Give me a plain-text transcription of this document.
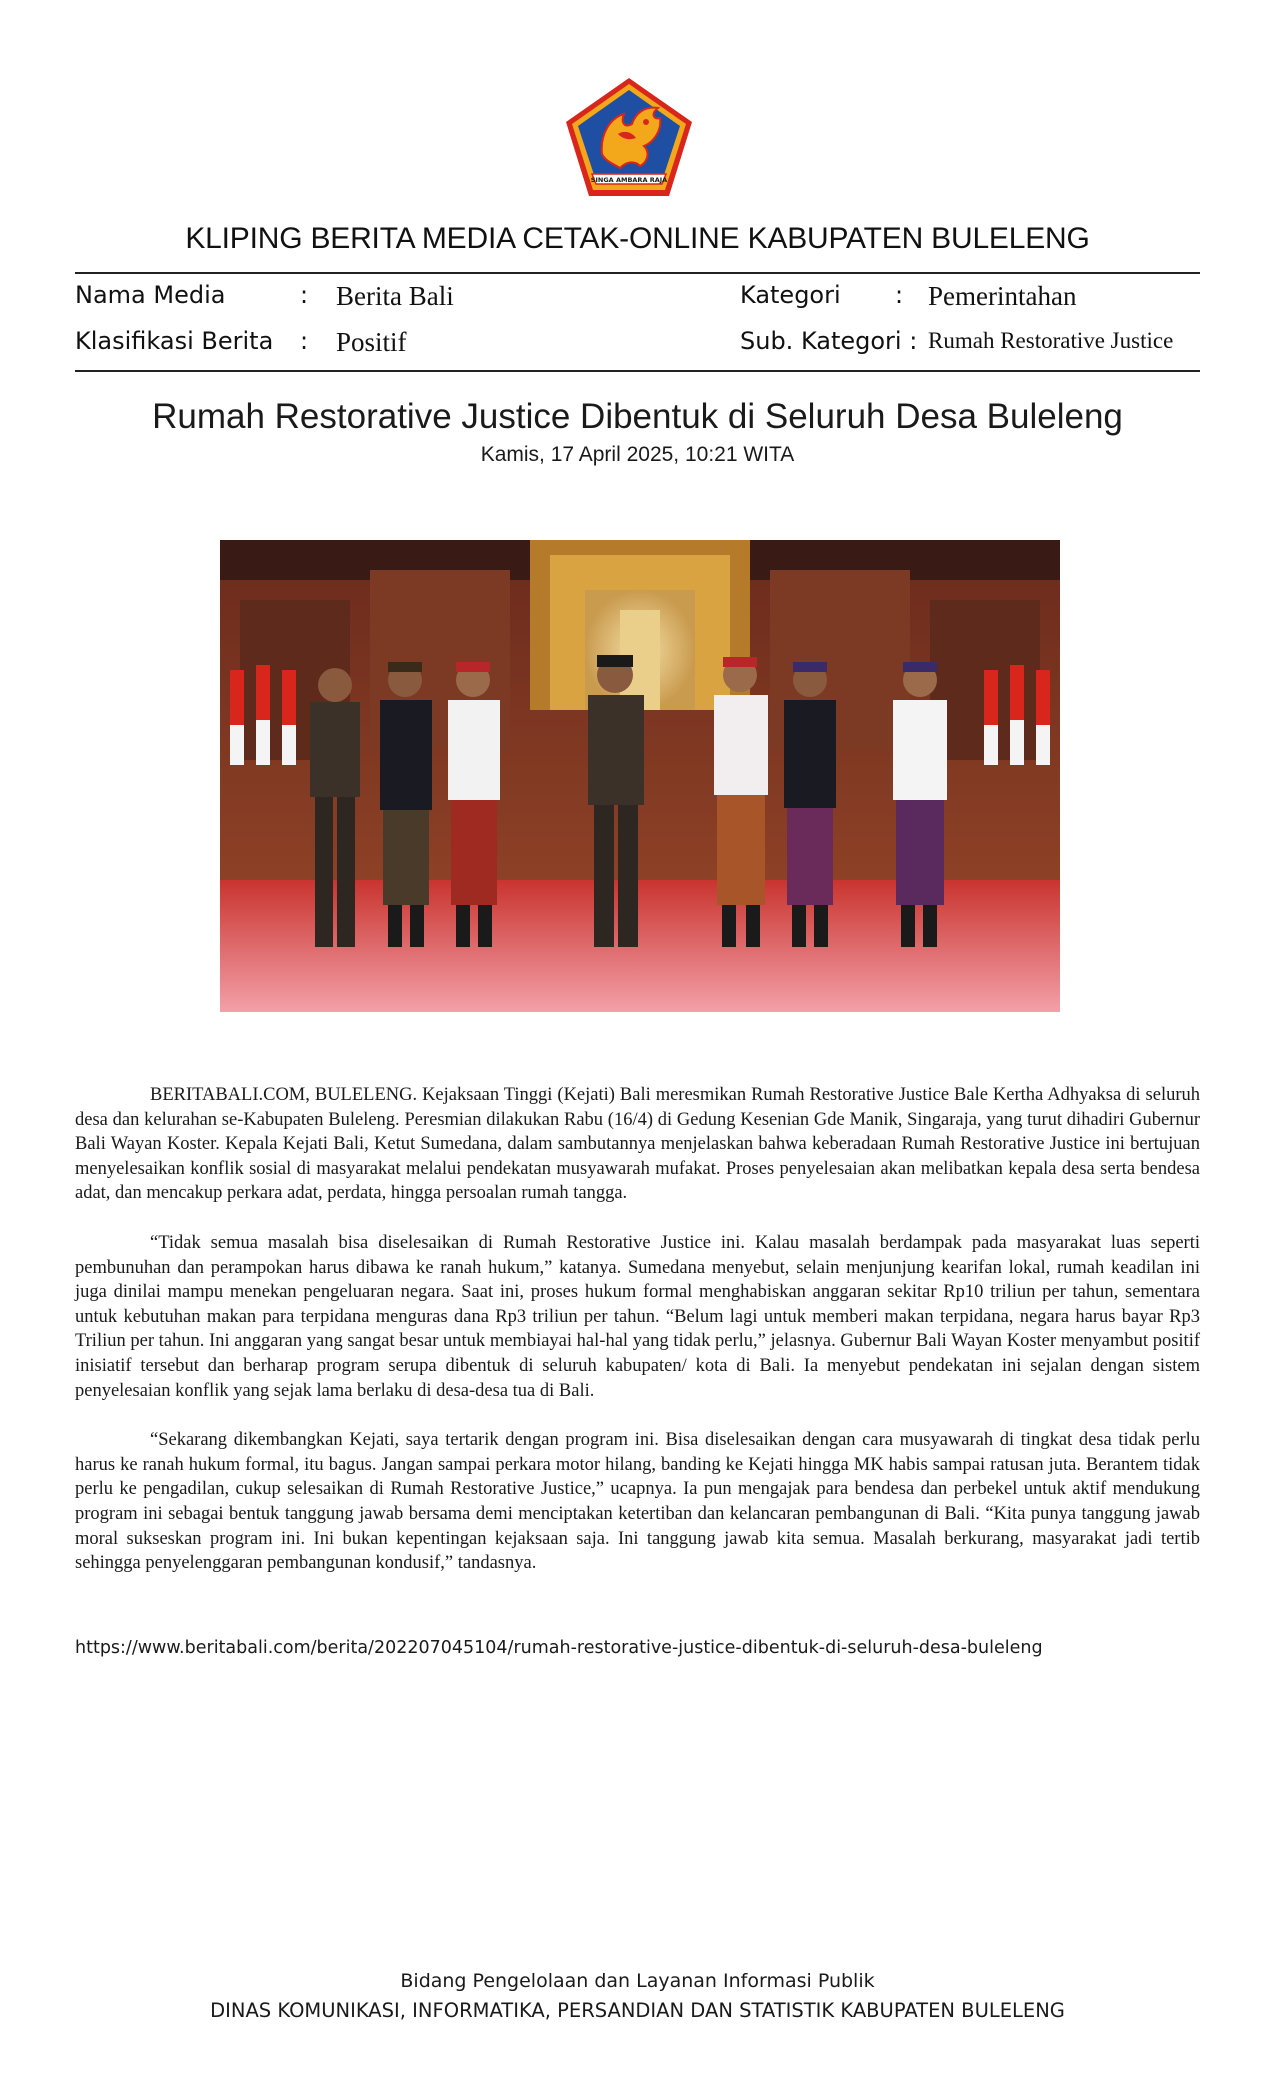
SINGA AMBARA RAJA
KLIPING BERITA MEDIA CETAK-ONLINE KABUPATEN BULELENG
Nama Media	: Berita Bali	Kategori : Pemerintahan
Klasifikasi Berita : Positif	Sub. Kategori : Rumah Restorative Justice
Rumah Restorative Justice Dibentuk di Seluruh Desa Buleleng
Kamis, 17 April 2025, 10:21 WITA

BERITABALI.COM, BULELENG. Kejaksaan Tinggi (Kejati) Bali meresmikan Rumah Restorative Justice Bale Kertha Adhyaksa di seluruh desa dan kelurahan se-Kabupaten Buleleng. Peresmian dilakukan Rabu (16/4) di Gedung Kesenian Gde Manik, Singaraja, yang turut dihadiri Gubernur Bali Wayan Koster. Kepala Kejati Bali, Ketut Sumedana, dalam sambutannya menjelaskan bahwa keberadaan Rumah Restorative Justice ini bertujuan menyelesaikan konflik sosial di masyarakat melalui pendekatan musyawarah mufakat. Proses penyelesaian akan melibatkan kepala desa serta bendesa adat, dan mencakup perkara adat, perdata, hingga persoalan rumah tangga.

“Tidak semua masalah bisa diselesaikan di Rumah Restorative Justice ini. Kalau masalah berdampak pada masyarakat luas seperti pembunuhan dan perampokan harus dibawa ke ranah hukum,” katanya. Sumedana menyebut, selain menjunjung kearifan lokal, rumah keadilan ini juga dinilai mampu menekan pengeluaran negara. Saat ini, proses hukum formal menghabiskan anggaran sekitar Rp10 triliun per tahun, sementara untuk kebutuhan makan para terpidana menguras dana Rp3 triliun per tahun. “Belum lagi untuk memberi makan terpidana, negara harus bayar Rp3 Triliun per tahun. Ini anggaran yang sangat besar untuk membiayai hal-hal yang tidak perlu,” jelasnya. Gubernur Bali Wayan Koster menyambut positif inisiatif tersebut dan berharap program serupa dibentuk di seluruh kabupaten/ kota di Bali. Ia menyebut pendekatan ini sejalan dengan sistem penyelesaian konflik yang sejak lama berlaku di desa-desa tua di Bali.

“Sekarang dikembangkan Kejati, saya tertarik dengan program ini. Bisa diselesaikan dengan cara musyawarah di tingkat desa tidak perlu harus ke ranah hukum formal, itu bagus. Jangan sampai perkara motor hilang, banding ke Kejati hingga MK habis sampai ratusan juta. Berantem tidak perlu ke pengadilan, cukup selesaikan di Rumah Restorative Justice,” ucapnya. Ia pun mengajak para bendesa dan perbekel untuk aktif mendukung program ini sebagai bentuk tanggung jawab bersama demi menciptakan ketertiban dan kelancaran pembangunan di Bali. “Kita punya tanggung jawab moral sukseskan program ini. Ini bukan kepentingan kejaksaan saja. Ini tanggung jawab kita semua. Masalah berkurang, masyarakat jadi tertib sehingga penyelenggaran pembangunan kondusif,” tandasnya.

https://www.beritabali.com/berita/202207045104/rumah-restorative-justice-dibentuk-di-seluruh-desa-buleleng
Bidang Pengelolaan dan Layanan Informasi Publik
DINAS KOMUNIKASI, INFORMATIKA, PERSANDIAN DAN STATISTIK KABUPATEN BULELENG
